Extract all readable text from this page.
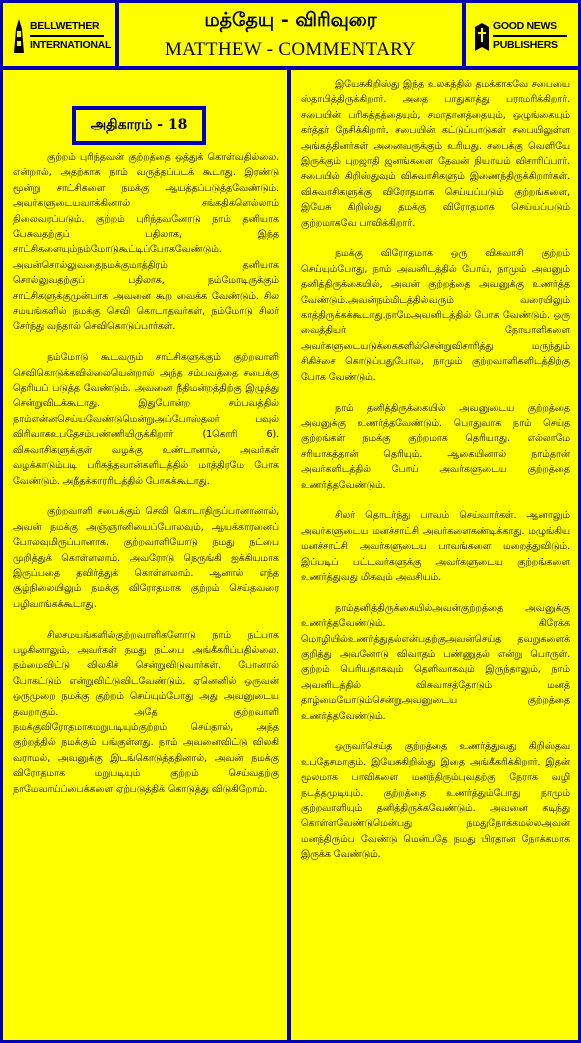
BELLWETHER
INTERNATIONAL
மத்தேயு - விரிவுரை
MATTHEW - COMMENTARY
GOOD NEWS
PUBLISHERS
அதிகாரம் - 18

குற்றம் புரிந்தவன் குற்றத்தை ஒத்துக் கொள்வதில்லை. என்றால், அதற்காக நாம் வருத்தப்படக் கூடாது. இரண்டு மூன்று சாட்சிகளை நமக்கு ஆயத்தப்படுத்தவேண்டும். அவர்களுடையவாக்கினால் சங்கதிகளெல்லாம் நிலைவரப்படும். குற்றம் புரிந்தவனோடு நாம் தனியாக பேசுவதற்குப் பதிலாக, இந்த சாட்சிகளையும்நம்மோடுகூட்டிப்போகவேண்டும். அவன்சொல்லுவதைநமக்குமாத்திரம் தனியாக சொல்லுவதற்குப் பதிலாக, நம்மோடிருக்கும் சாட்சிகளுக்குமுன்பாக அவனை கூற வைக்க வேண்டும். சில சமயங்களில் நமக்கு செவி கொடாதவர்கள், நம்மோடு சிலர் சேர்ந்து வந்தால் செவிகொடுப்பார்கள்.

நம்மோடு கூடவரும் சாட்சிகளுக்கும் குற்றவாளி செவிகொடுக்கவில்லையென்றால் அந்த சம்பவத்தை சபைக்கு தெரியப் படுத்த வேண்டும். அவனை நீதிமன்றத்திற்கு இழுத்து சென்றுவிடக்கூடாது. இதுபோன்ற சம்பவத்தில் நாம்என்னசெய்யவேண்டுமென்றுஅப்போஸ்தலர் பவுல் விரிவாகஉபதேசம்பண்ணியிருக்கிறார் (1கொரி 6). விசுவாசிகளுக்குள் வழக்கு உண்டானால், அவர்கள் வழக்காடும்படி பரிசுத்தவான்களிடத்தில் மாத்திரமே போக வேண்டும். அநீதக்காரரிடத்தில் போகக்கூடாது.

குற்றவாளி சபைக்கும் செவி கொடாதிருப்பானானால், அவன் நமக்கு அஞ்ஞானியைப்போலவும், ஆயக்காரனைப் போலவுமிருப்பானாக. குற்றவாளியோடு நமது நட்பை முறித்துக் கொள்ளலாம். அவரோடு நெருங்கி ஐக்கியமாக இருப்பதை தவிர்த்துக் கொள்ளலாம். ஆனால் எந்த சூழ்நிலையிலும் நமக்கு விரோதமாக குற்றம் செய்தவரை பழிவாங்கக்கூடாது.

சிலசமயங்களில்குற்றவாளிகளோடு நாம் நட்பாக பழகினாலும், அவர்கள் நமது நட்பை அங்கீகரிப்பதில்லை. நம்மைவிட்டு விலகிச் சென்றுவிடுவார்கள். போனால் போகட்டும் என்றுவிட்டுவிடவேண்டும். ஏனெனில் ஒருவன் ஒருமுறை நமக்கு குற்றம் செய்யும்போது அது அவனுடைய தவறாகும். அதே குற்றவாளி நமக்குவிரோதமாகமறுபடியும்குற்றம் செய்தால், அந்த குற்றத்தில் நமக்கும் பங்குள்ளது. நாம் அவனைவிட்டு விலகி வராமல், அவனுக்கு இடங்கொடுத்ததினால், அவன் நமக்கு விரோதமாக மறுபடியும் குற்றம் செய்வதற்கு நாமேவாய்ப்பைக்களை ஏற்படுத்திக் கொடுத்து விடுகிறோம்.

இயேசுகிறிஸ்து இந்த உலகத்தில் தமக்காகவே சபையை ஸ்தாபித்திருக்கிறார். அதை பாதுகாத்து பராமரிக்கிறார். சபையின் பரிசுத்தத்தையும், சமாதானத்தையும், ஒழுங்கையும் கர்த்தர் நேசிக்கிறார். சபையின் கட்டுப்பாடுகள் சபையிலுள்ள அங்கத்தினர்கள் அனைவருக்கும் உரியது. சபைக்கு வெளியே இருக்கும் புறஜாதி ஜனங்களை தேவன் நியாயம் விசாரிப்பார். சபையில் கிறிஸ்துவும் விசுவாசிகளும் இணைந்திருக்கிறார்கள். விசுவாசிகளுக்கு விரோதமாக செய்யப்படும் குற்றங்களை, இயேசு கிறிஸ்து தமக்கு விரோதமாக செய்யப்படும் குற்றமாகவே பாவிக்கிறார்.

நமக்கு விரோதமாக ஒரு விசுவாசி குற்றம் செய்யும்போது, நாம் அவனிடத்தில் போய், நாமும் அவனும் தனித்திருக்கையில், அவன் குற்றத்தை அவனுக்கு உணர்த்த வேண்டும்.அவன்நம்மிடத்தில்வரும் வரையிலும் காத்திருக்கக்கூடாது.நாமேஅவனிடத்தில் போக வேண்டும். ஒரு வைத்தியர் நோயாளிகளை அவர்களுடையடுக்கைகளில்சென்றுவிசாரித்து மருந்தும் சிகிச்சை கொடுப்பதுபோல, நாமும் குற்றவாளிகளிடத்திற்கு போக வேண்டும்.

நாம் தனித்திருக்கையில் அவனுடைய குற்றத்தை அவனுக்கு உணர்த்தவேண்டும். பொதுவாக நாம் செய்த குற்றங்கள் நமக்கு குற்றமாக தெரியாது. எல்லாமே சரியாகத்தான் தெரியும். ஆகையினால் நாம்தான் அவர்களிடத்தில் போய் அவர்களுடைய குற்றத்தை உணர்த்தவேண்டும்.

சிலர் தொடர்ந்து பாவம் செய்வார்கள். ஆனாலும் அவர்களுடைய மனச்சாட்சி அவர்களைகண்டிக்காது. மழுங்கிய மனச்சாட்சி அவர்களுடைய பாவங்களை மறைத்துவிடும். இப்படிப் பட்டவர்களுக்கு அவர்களுடைய குற்றங்களை உணர்த்துவது மிகவும் அவசியம்.

நாம்தனித்திருக்கையில்அவன்குற்றத்தை அவனுக்கு உணர்த்தவேண்டும். கிரேக்க மொழியில்உணர்த்துதல்என்பதற்குஅவன்செய்த தவறுகளைக் குறித்து அவனோடு விவாதம் பண்ணுதல் என்று பொருள். குற்றம் பெரியதாகவும் தெளிவாகவும் இருந்தாலும், நாம் அவனிடத்தில் விசுவாசத்தோடும் மனத் தாழ்மையோடும்சென்றுஅவனுடைய குற்றத்தை உணர்த்தவேண்டும்.

ஒருவர்செய்த குற்றத்தை உணர்த்துவது கிறிஸ்தவ உபதேசமாகும். இயேசுகிறிஸ்து இதை அங்கீகரிக்கிறார். இதன் மூலமாக பாவிகளை மனந்திரும்புவதற்கு நேராக வழி நடத்தமுடியும். குற்றத்தை உணர்த்தும்போது நாமும் குற்றவாளியும் தனித்திருக்கவேண்டும். அவனை கடிந்து கொள்ளவேண்டுமென்பது நமதுநோக்கமல்லஅவன் மனந்திரும்ப வேண்டு மென்பதே நமது பிரதான நோக்கமாக இருக்க வேண்டும்.
